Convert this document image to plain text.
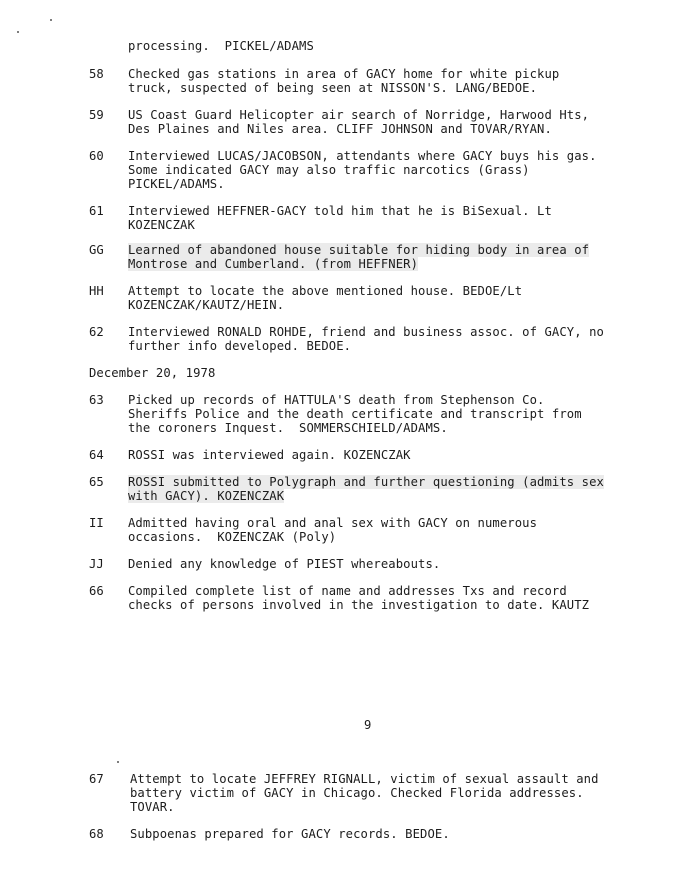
processing.  PICKEL/ADAMS
58 Checked gas stations in area of GACY home for white pickup
truck, suspected of being seen at NISSON'S. LANG/BEDOE.
59 US Coast Guard Helicopter air search of Norridge, Harwood Hts,
Des Plaines and Niles area. CLIFF JOHNSON and TOVAR/RYAN.
60 Interviewed LUCAS/JACOBSON, attendants where GACY buys his gas.
Some indicated GACY may also traffic narcotics (Grass)
PICKEL/ADAMS.
61 Interviewed HEFFNER-GACY told him that he is BiSexual. Lt
KOZENCZAK
GG Learned of abandoned house suitable for hiding body in area of
Montrose and Cumberland. (from HEFFNER)
HH Attempt to locate the above mentioned house. BEDOE/Lt
KOZENCZAK/KAUTZ/HEIN.
62 Interviewed RONALD ROHDE, friend and business assoc. of GACY, no
further info developed. BEDOE.
December 20, 1978
63 Picked up records of HATTULA'S death from Stephenson Co.
Sheriffs Police and the death certificate and transcript from
the coroners Inquest.  SOMMERSCHIELD/ADAMS.
64 ROSSI was interviewed again. KOZENCZAK
65 ROSSI submitted to Polygraph and further questioning (admits sex
with GACY). KOZENCZAK
II Admitted having oral and anal sex with GACY on numerous
occasions.  KOZENCZAK (Poly)
JJ Denied any knowledge of PIEST whereabouts.
66 Compiled complete list of name and addresses Txs and record
checks of persons involved in the investigation to date. KAUTZ
9
67 Attempt to locate JEFFREY RIGNALL, victim of sexual assault and
battery victim of GACY in Chicago. Checked Florida addresses.
TOVAR.
68 Subpoenas prepared for GACY records. BEDOE.
